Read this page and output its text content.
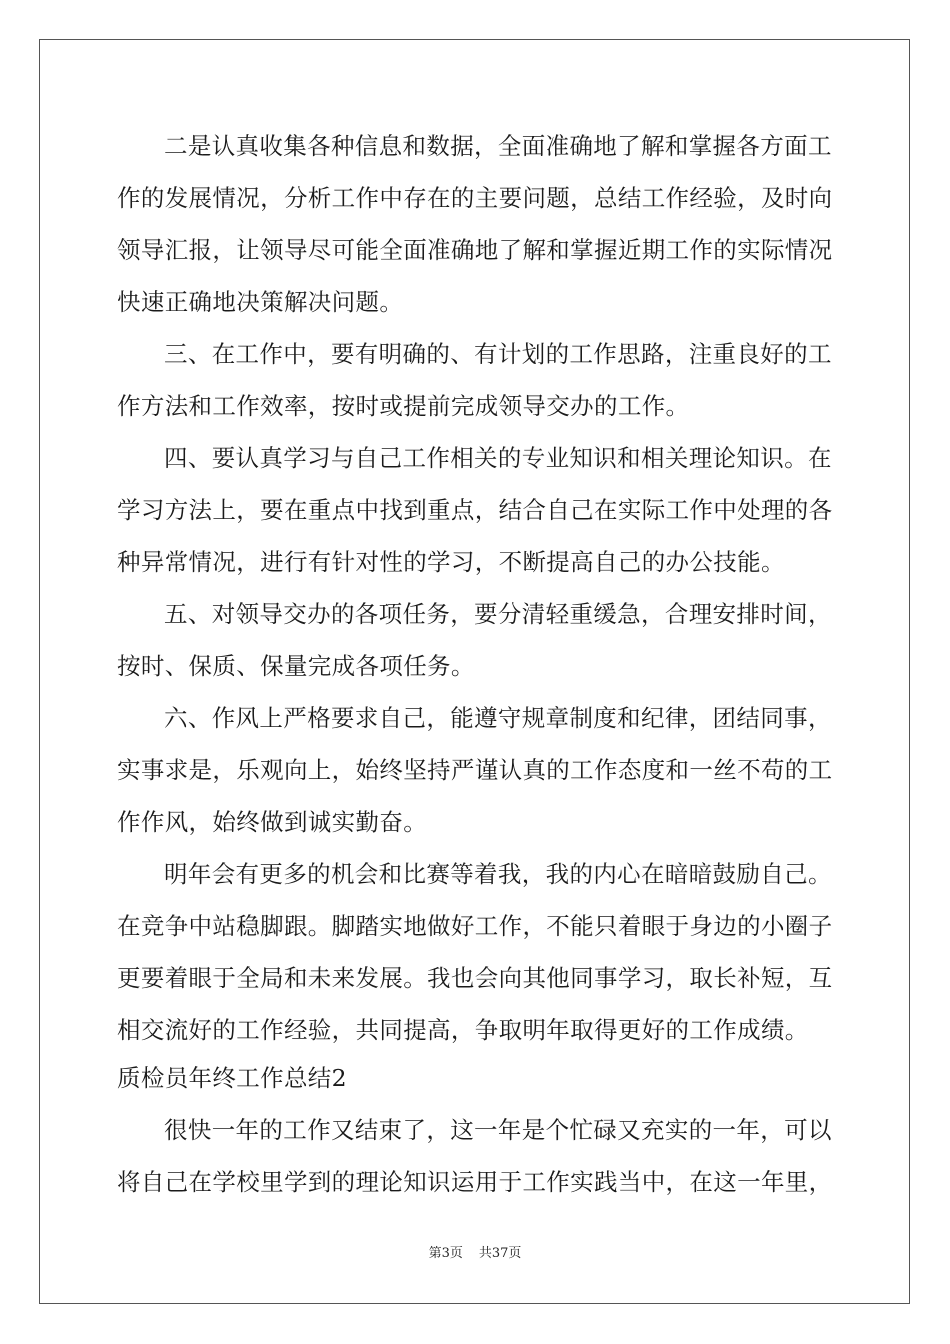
二是认真收集各种信息和数据，全面准确地了解和掌握各方面工
作的发展情况，分析工作中存在的主要问题，总结工作经验，及时向
领导汇报，让领导尽可能全面准确地了解和掌握近期工作的实际情况
快速正确地决策解决问题。
三、在工作中，要有明确的、有计划的工作思路，注重良好的工
作方法和工作效率，按时或提前完成领导交办的工作。
四、要认真学习与自己工作相关的专业知识和相关理论知识。在
学习方法上，要在重点中找到重点，结合自己在实际工作中处理的各
种异常情况，进行有针对性的学习，不断提高自己的办公技能。
五、对领导交办的各项任务，要分清轻重缓急，合理安排时间，
按时、保质、保量完成各项任务。
六、作风上严格要求自己，能遵守规章制度和纪律，团结同事，
实事求是，乐观向上，始终坚持严谨认真的工作态度和一丝不苟的工
作作风，始终做到诚实勤奋。
明年会有更多的机会和比赛等着我，我的内心在暗暗鼓励自己。
在竞争中站稳脚跟。脚踏实地做好工作，不能只着眼于身边的小圈子
更要着眼于全局和未来发展。我也会向其他同事学习，取长补短，互
相交流好的工作经验，共同提高，争取明年取得更好的工作成绩。
质检员年终工作总结2
很快一年的工作又结束了，这一年是个忙碌又充实的一年，可以
将自己在学校里学到的理论知识运用于工作实践当中，在这一年里，
第3页 共37页
